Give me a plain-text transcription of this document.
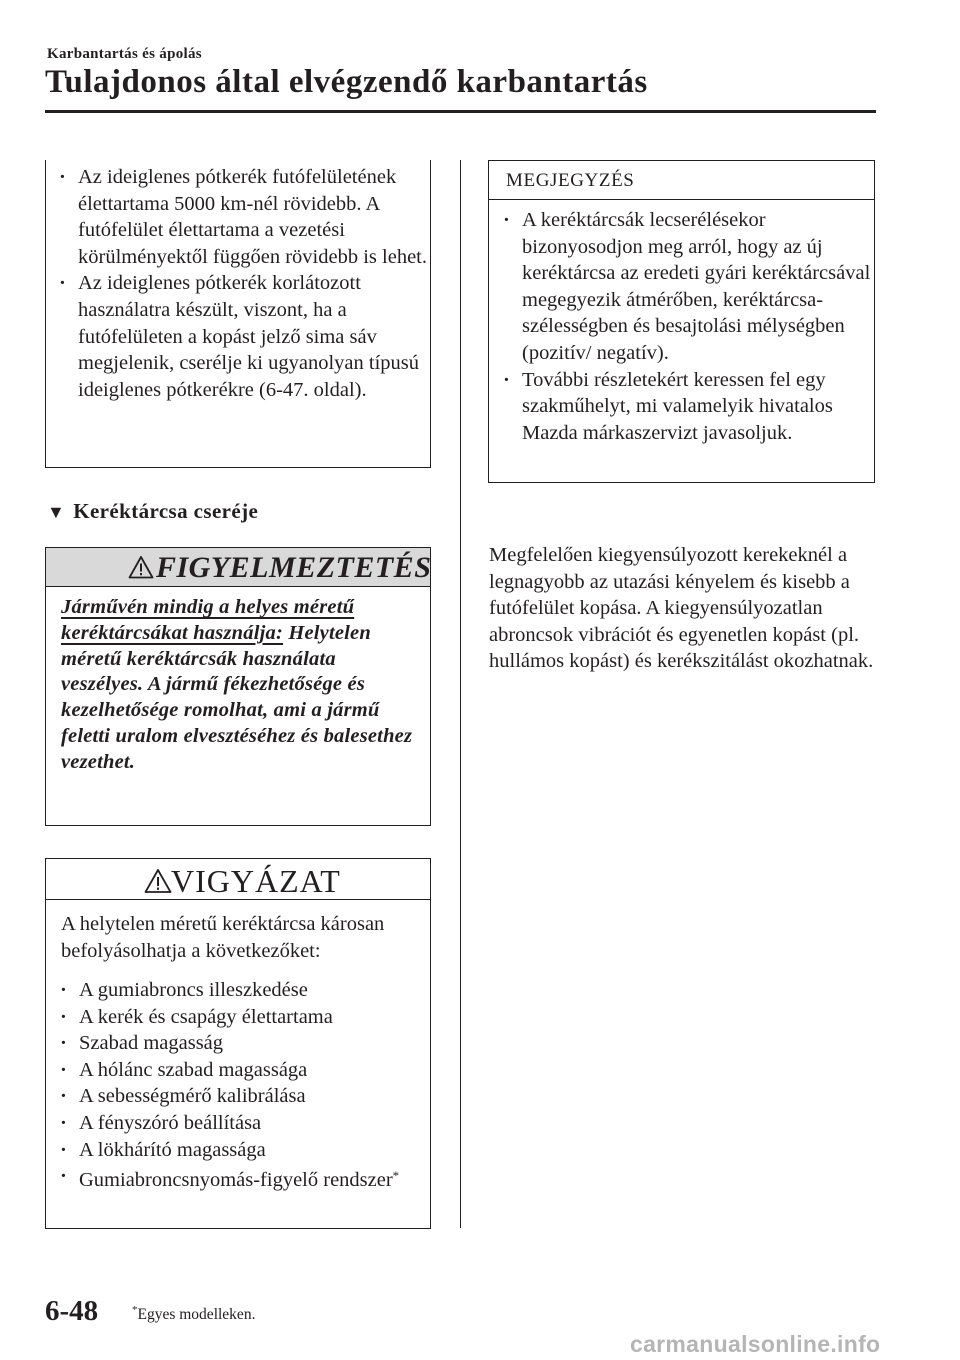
Karbantartás és ápolás
Tulajdonos által elvégzendő karbantartás
· Az ideiglenes pótkerék futófelületének élettartama 5000 km-nél rövidebb. A futófelület élettartama a vezetési körülményektől függően rövidebb is lehet.
· Az ideiglenes pótkerék korlátozott használatra készült, viszont, ha a futófelületen a kopást jelző sima sáv megjelenik, cserélje ki ugyanolyan típusú ideiglenes pótkerékre (6-47. oldal).
▼ Keréktárcsa cseréje
FIGYELMEZTETÉS
Járművén mindig a helyes méretű keréktárcsákat használja: Helytelen méretű keréktárcsák használata veszélyes. A jármű fékezhetősége és kezelhetősége romolhat, ami a jármű feletti uralom elvesztéséhez és balesethez vezethet.
VIGYÁZAT
A helytelen méretű keréktárcsa károsan befolyásolhatja a következőket:
· A gumiabroncs illeszkedése
· A kerék és csapágy élettartama
· Szabad magasság
· A hólánc szabad magassága
· A sebességmérő kalibrálása
· A fényszóró beállítása
· A lökhárító magassága
· Gumiabroncsnyomás-figyelő rendszer*
MEGJEGYZÉS
· A keréktárcsák lecserélésekor bizonyosodjon meg arról, hogy az új keréktárcsa az eredeti gyári keréktárcsával megegyezik átmérőben, keréktárcsa-szélességben és besajtolási mélységben (pozitív/ negatív).
· További részletekért keressen fel egy szakműhelyt, mi valamelyik hivatalos Mazda márkaszervizt javasoljuk.
Megfelelően kiegyensúlyozott kerekeknél a legnagyobb az utazási kényelem és kisebb a futófelület kopása. A kiegyensúlyozatlan abroncsok vibrációt és egyenetlen kopást (pl. hullámos kopást) és kerékszitálást okozhatnak.
6-48	*Egyes modelleken.
carmanualsonline.info
